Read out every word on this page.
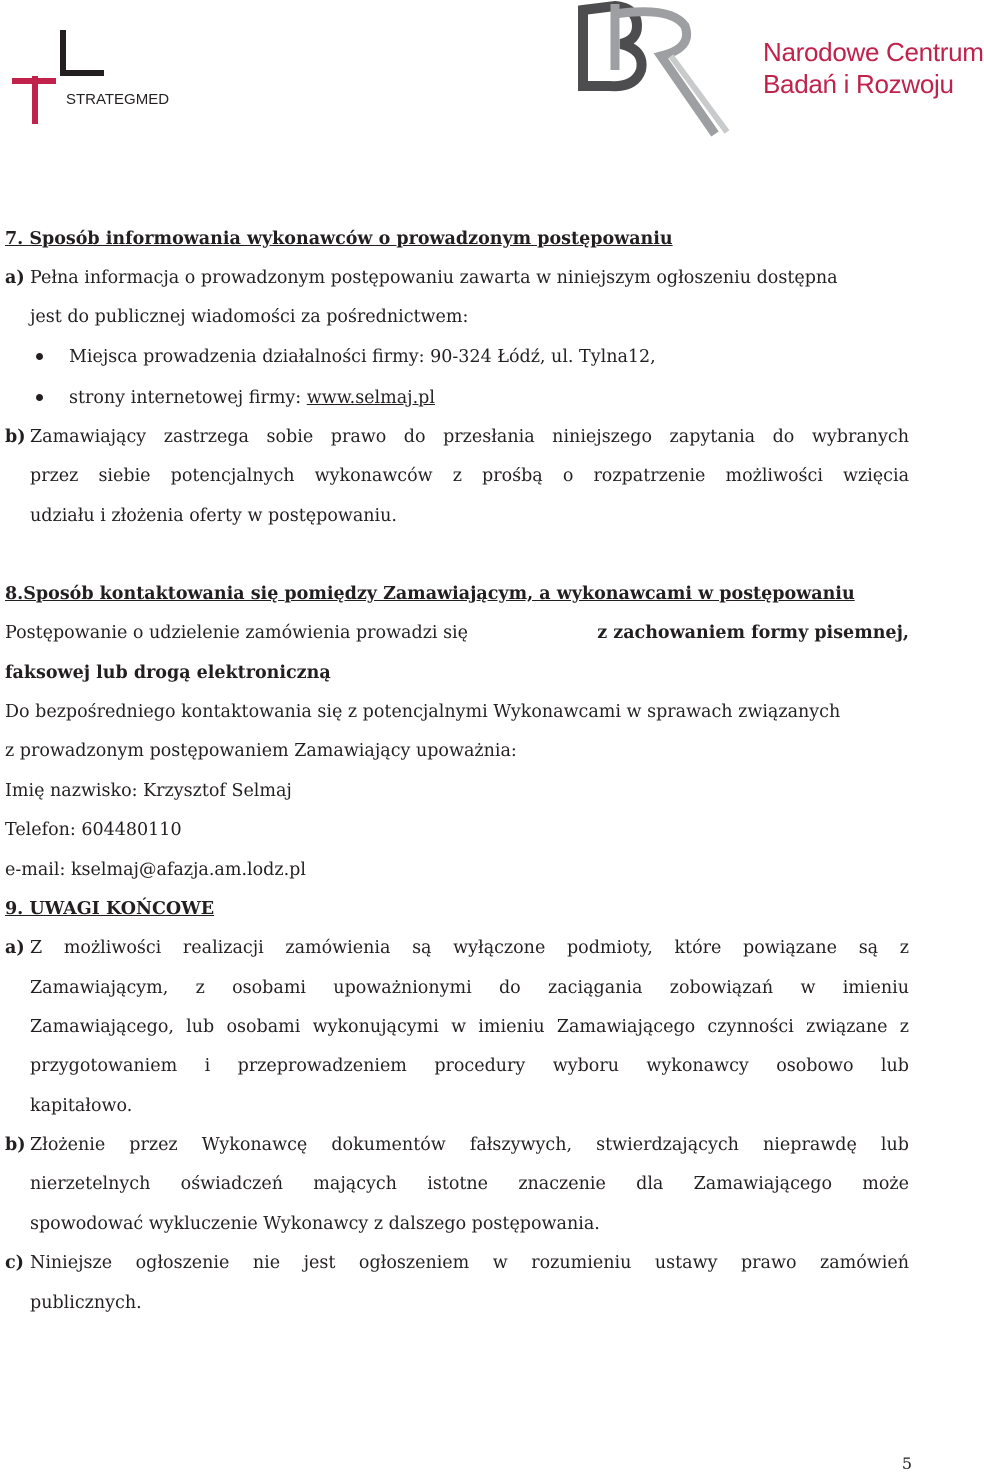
STRATEGMED
Narodowe Centrum
Badań i Rozwoju
7. Sposób informowania wykonawców o prowadzonym postępowaniu
a) Pełna informacja o prowadzonym postępowaniu zawarta w niniejszym ogłoszeniu dostępna
jest do publicznej wiadomości za pośrednictwem:
Miejsca prowadzenia działalności firmy: 90-324 Łódź, ul. Tylna12,
strony internetowej firmy: www.selmaj.pl
b) Zamawiający zastrzega sobie prawo do przesłania niniejszego zapytania do wybranych
przez siebie potencjalnych wykonawców z prośbą o rozpatrzenie możliwości wzięcia
udziału i złożenia oferty w postępowaniu.
8.Sposób kontaktowania się pomiędzy Zamawiającym, a wykonawcami w postępowaniu
Postępowanie o udzielenie zamówienia prowadzi się	z zachowaniem formy pisemnej,
faksowej lub drogą elektroniczną
Do bezpośredniego kontaktowania się z potencjalnymi Wykonawcami w sprawach związanych
z prowadzonym postępowaniem Zamawiający upoważnia:
Imię nazwisko: Krzysztof Selmaj
Telefon: 604480110
e-mail: kselmaj@afazja.am.lodz.pl
9. UWAGI KOŃCOWE
a) Z możliwości realizacji zamówienia są wyłączone podmioty, które powiązane są z
Zamawiającym, z osobami upoważnionymi do zaciągania zobowiązań w imieniu
Zamawiającego, lub osobami wykonującymi w imieniu Zamawiającego czynności związane z
przygotowaniem i przeprowadzeniem procedury wyboru wykonawcy osobowo lub
kapitałowo.
b) Złożenie przez Wykonawcę dokumentów fałszywych, stwierdzających nieprawdę lub
nierzetelnych oświadczeń mających istotne znaczenie dla Zamawiającego może
spowodować wykluczenie Wykonawcy z dalszego postępowania.
c) Niniejsze ogłoszenie nie jest ogłoszeniem w rozumieniu ustawy prawo zamówień
publicznych.
5
